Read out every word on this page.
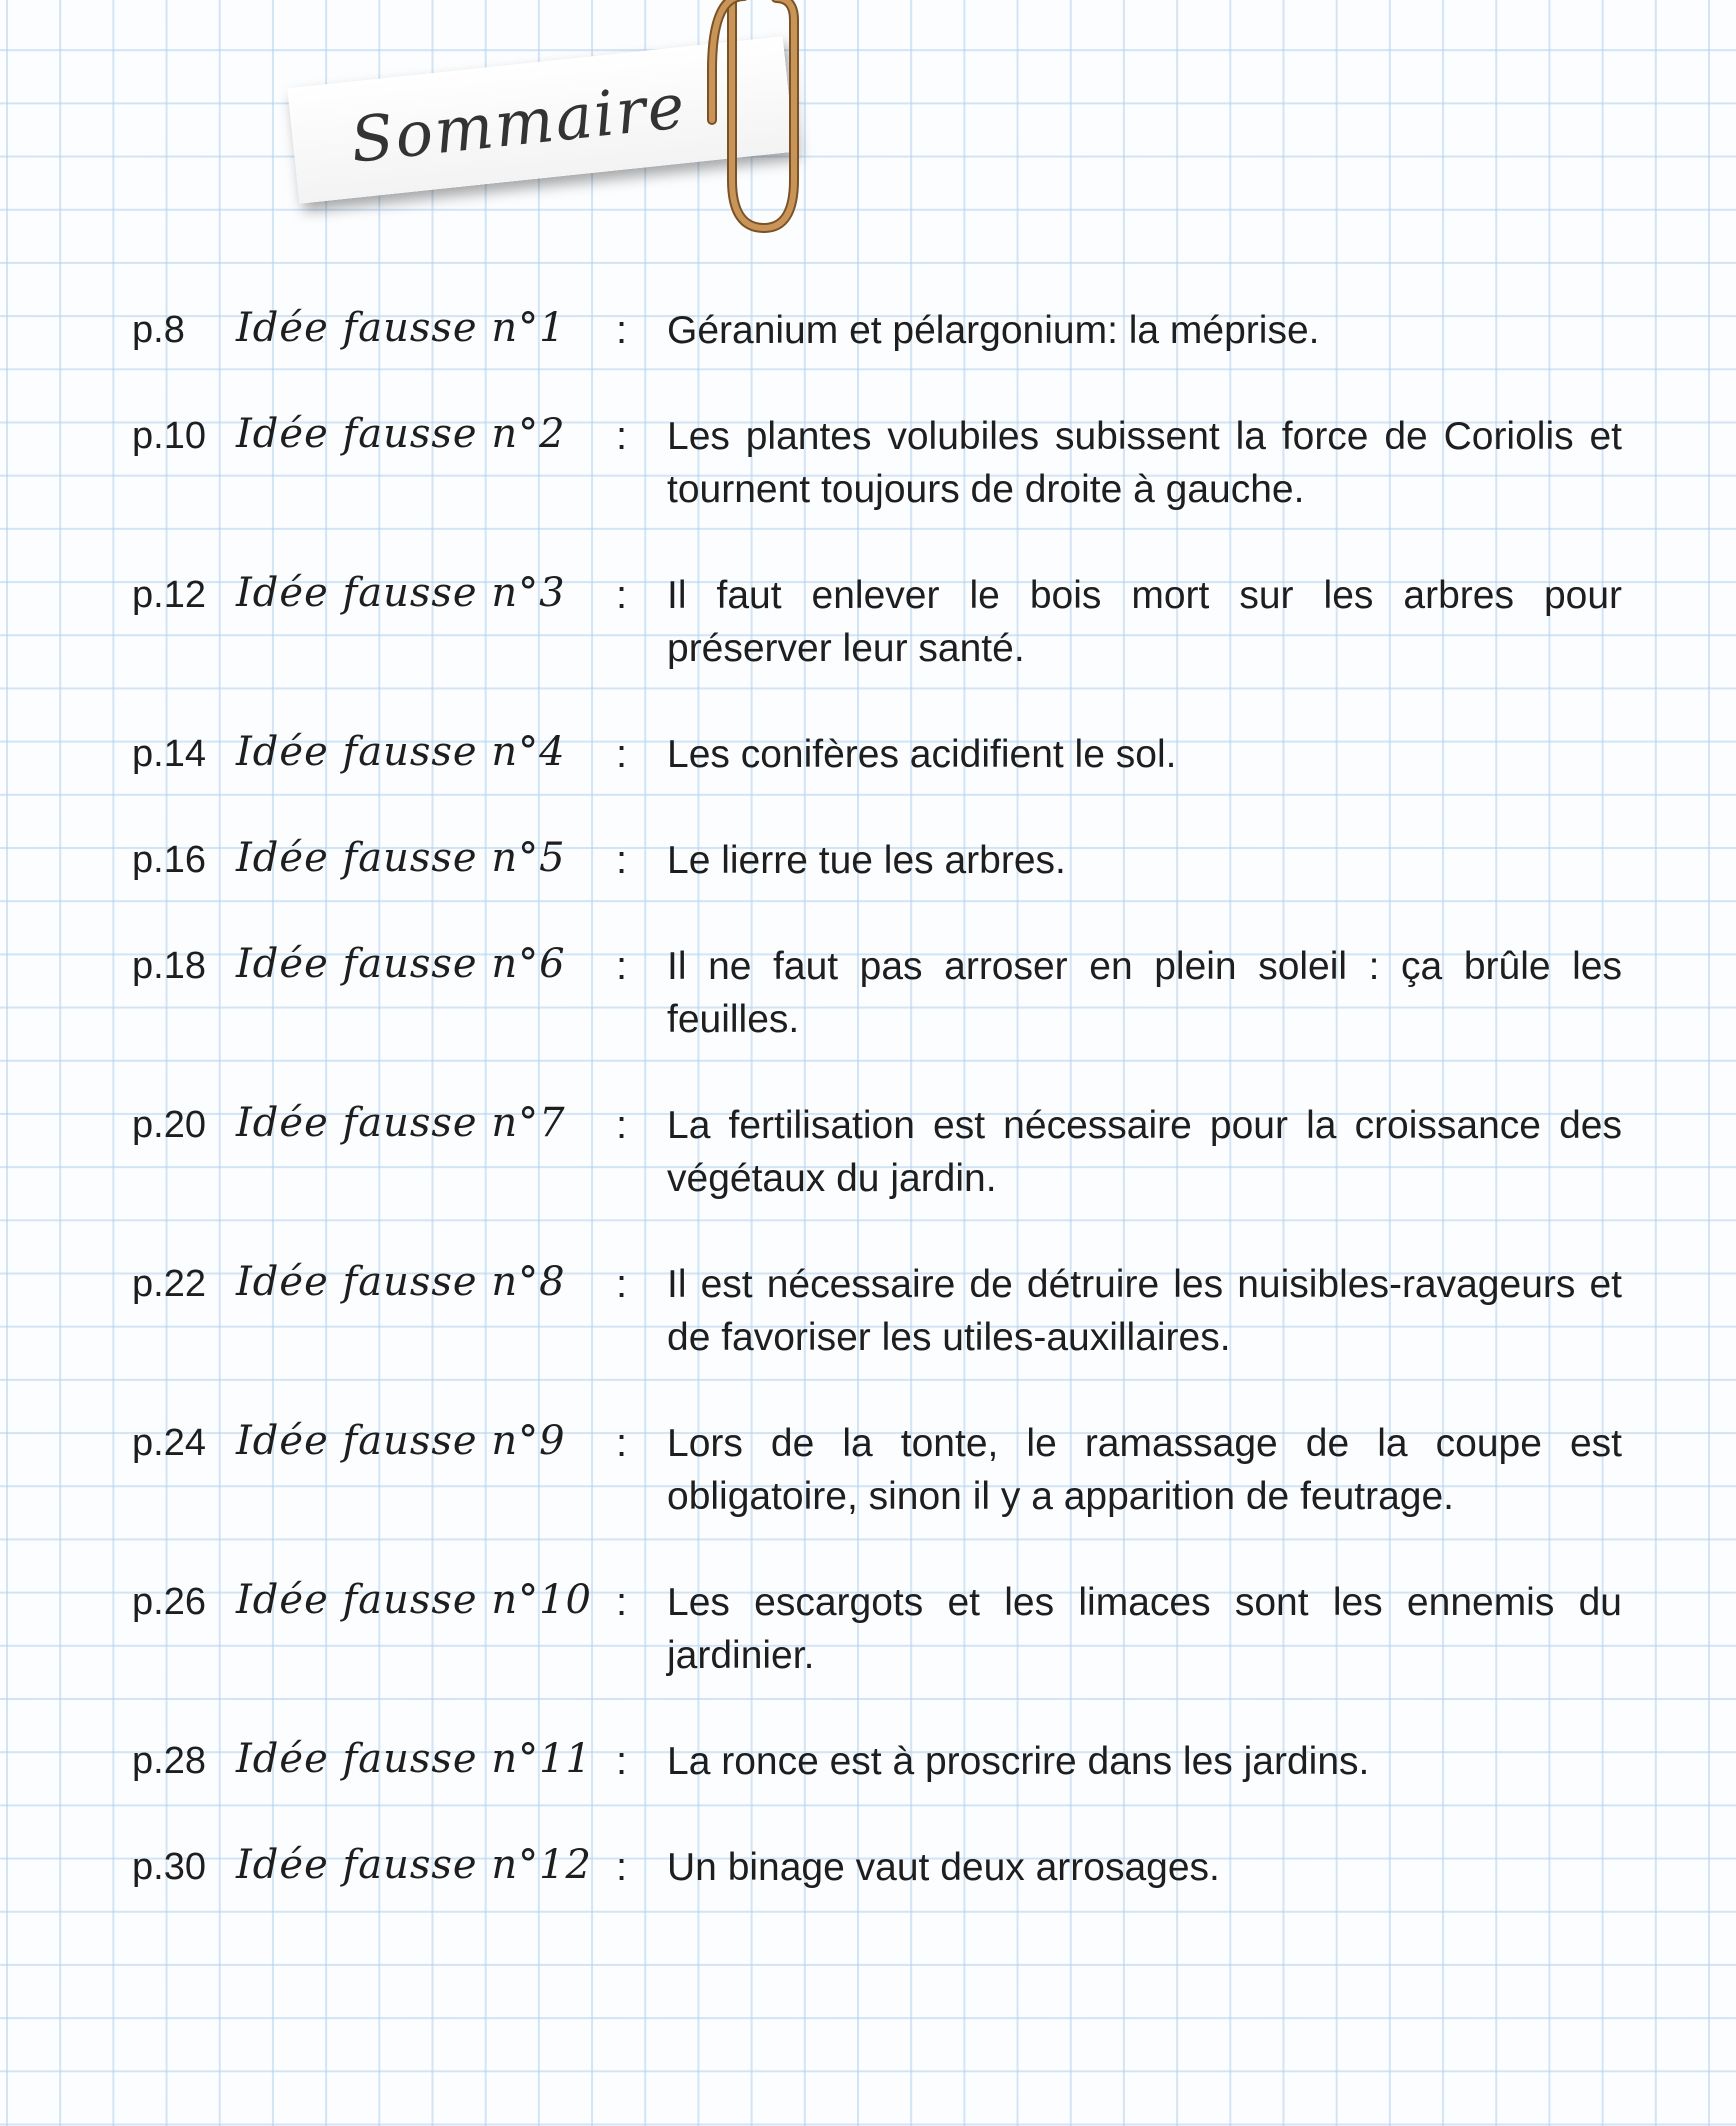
Sommaire
p.8 Idée fausse n°1 : Géranium et pélargonium: la méprise.
p.10 Idée fausse n°2 : Les plantes volubiles subissent la force de Coriolis et tournent toujours de droite à gauche.
p.12 Idée fausse n°3 : Il faut enlever le bois mort sur les arbres pour préserver leur santé.
p.14 Idée fausse n°4 : Les conifères acidifient le sol.
p.16 Idée fausse n°5 : Le lierre tue les arbres.
p.18 Idée fausse n°6 : Il ne faut pas arroser en plein soleil : ça brûle les feuilles.
p.20 Idée fausse n°7 : La fertilisation est nécessaire pour la croissance des végétaux du jardin.
p.22 Idée fausse n°8 : Il est nécessaire de détruire les nuisibles-ravageurs et de favoriser les utiles-auxillaires.
p.24 Idée fausse n°9 : Lors de la tonte, le ramassage de la coupe est obligatoire, sinon il y a apparition de feutrage.
p.26 Idée fausse n°10 : Les escargots et les limaces sont les ennemis du jardinier.
p.28 Idée fausse n°11 : La ronce est à proscrire dans les jardins.
p.30 Idée fausse n°12 : Un binage vaut deux arrosages.
